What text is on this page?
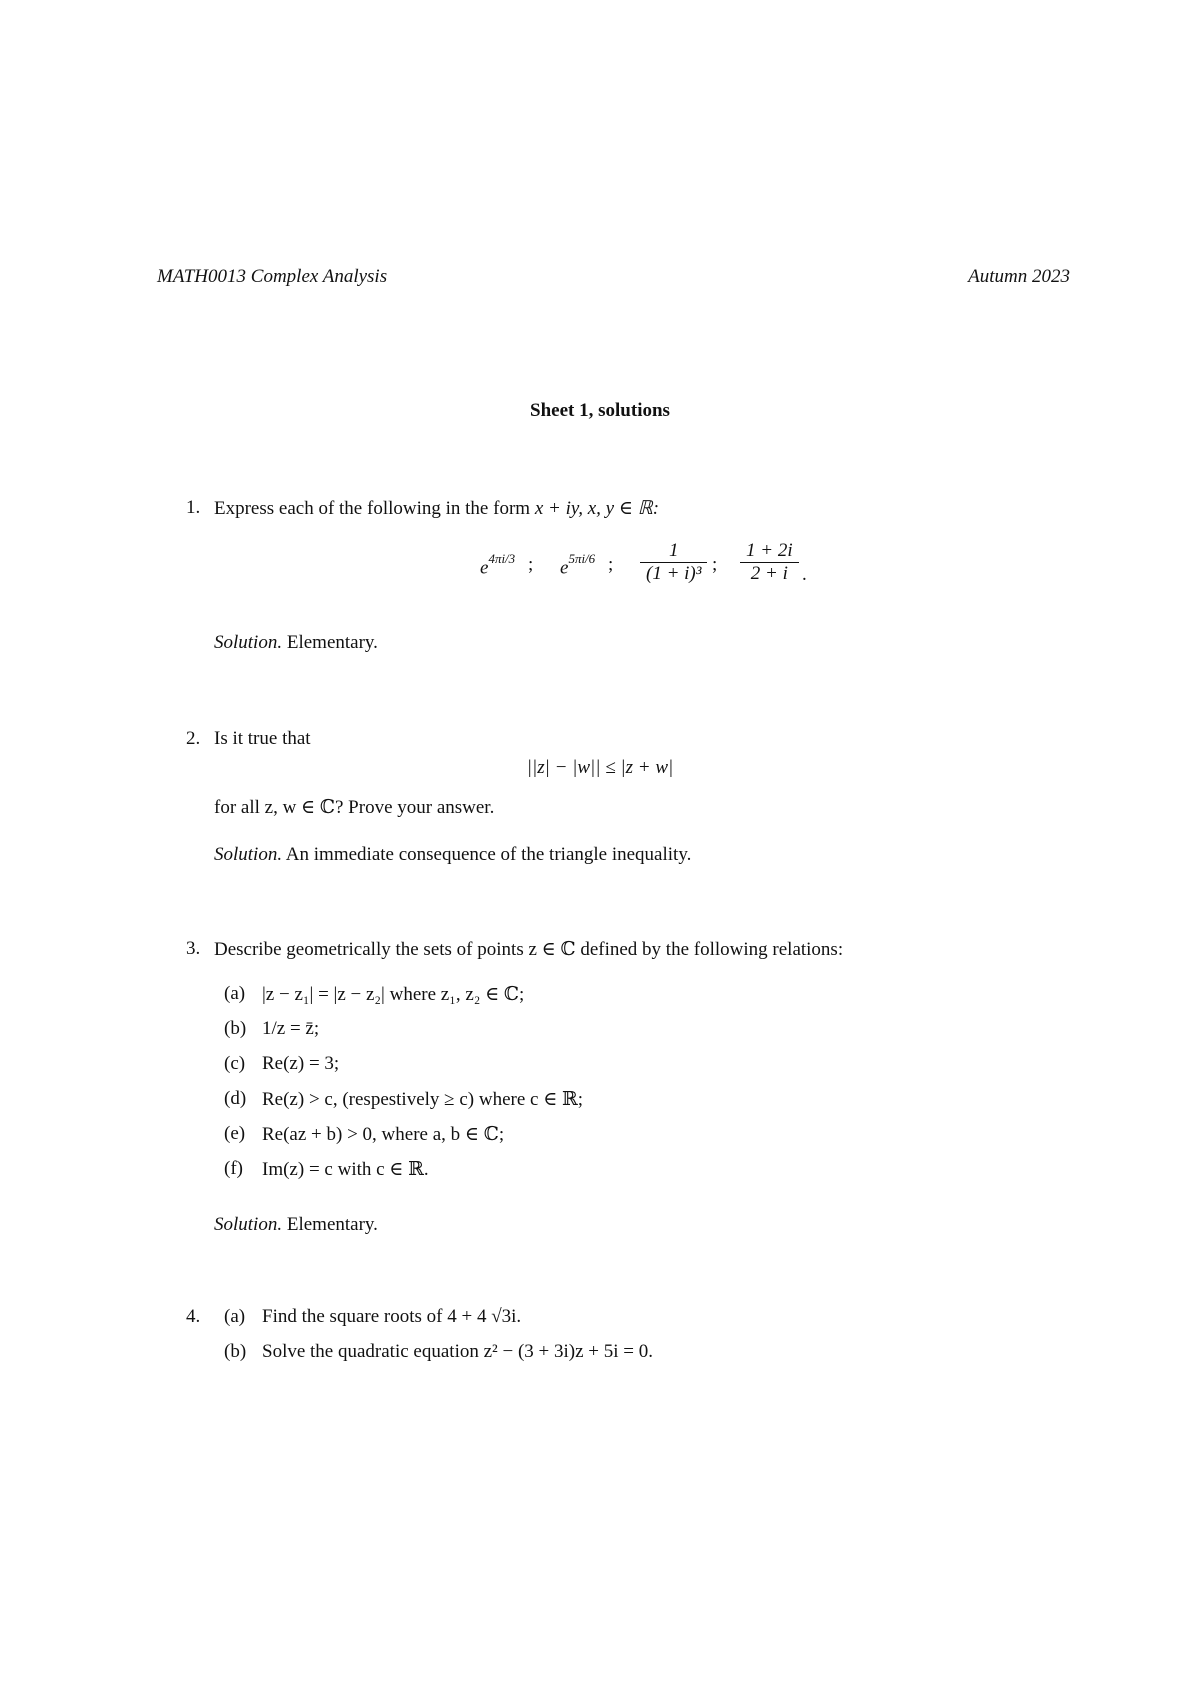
MATH0013 Complex Analysis	Autumn 2023
Sheet 1, solutions
1. Express each of the following in the form x + iy, x, y ∈ ℝ:
$e^{4\pi i/3}$ ; $e^{5\pi i/6}$ ; $\frac{1}{\text{(1 + i)³}}$ ; $\frac{1 + 2i}{2 + i}$ .
Solution. Elementary.
2. Is it true that
||z| − |w|| ≤ |z + w|
for all z, w ∈ ℂ? Prove your answer.
Solution. An immediate consequence of the triangle inequality.
3. Describe geometrically the sets of points z ∈ ℂ defined by the following relations:
(a) |z − z₁| = |z − z₂| where z₁, z₂ ∈ ℂ;
(b) 1/z = z̄;
(c) Re(z) = 3;
(d) Re(z) > c, (respestively ≥ c) where c ∈ ℝ;
(e) Re(az + b) > 0, where a, b ∈ ℂ;
(f) Im(z) = c with c ∈ ℝ.
Solution. Elementary.
4. (a) Find the square roots of 4 + 4 √3i.
(b) Solve the quadratic equation z² − (3 + 3i)z + 5i = 0.
